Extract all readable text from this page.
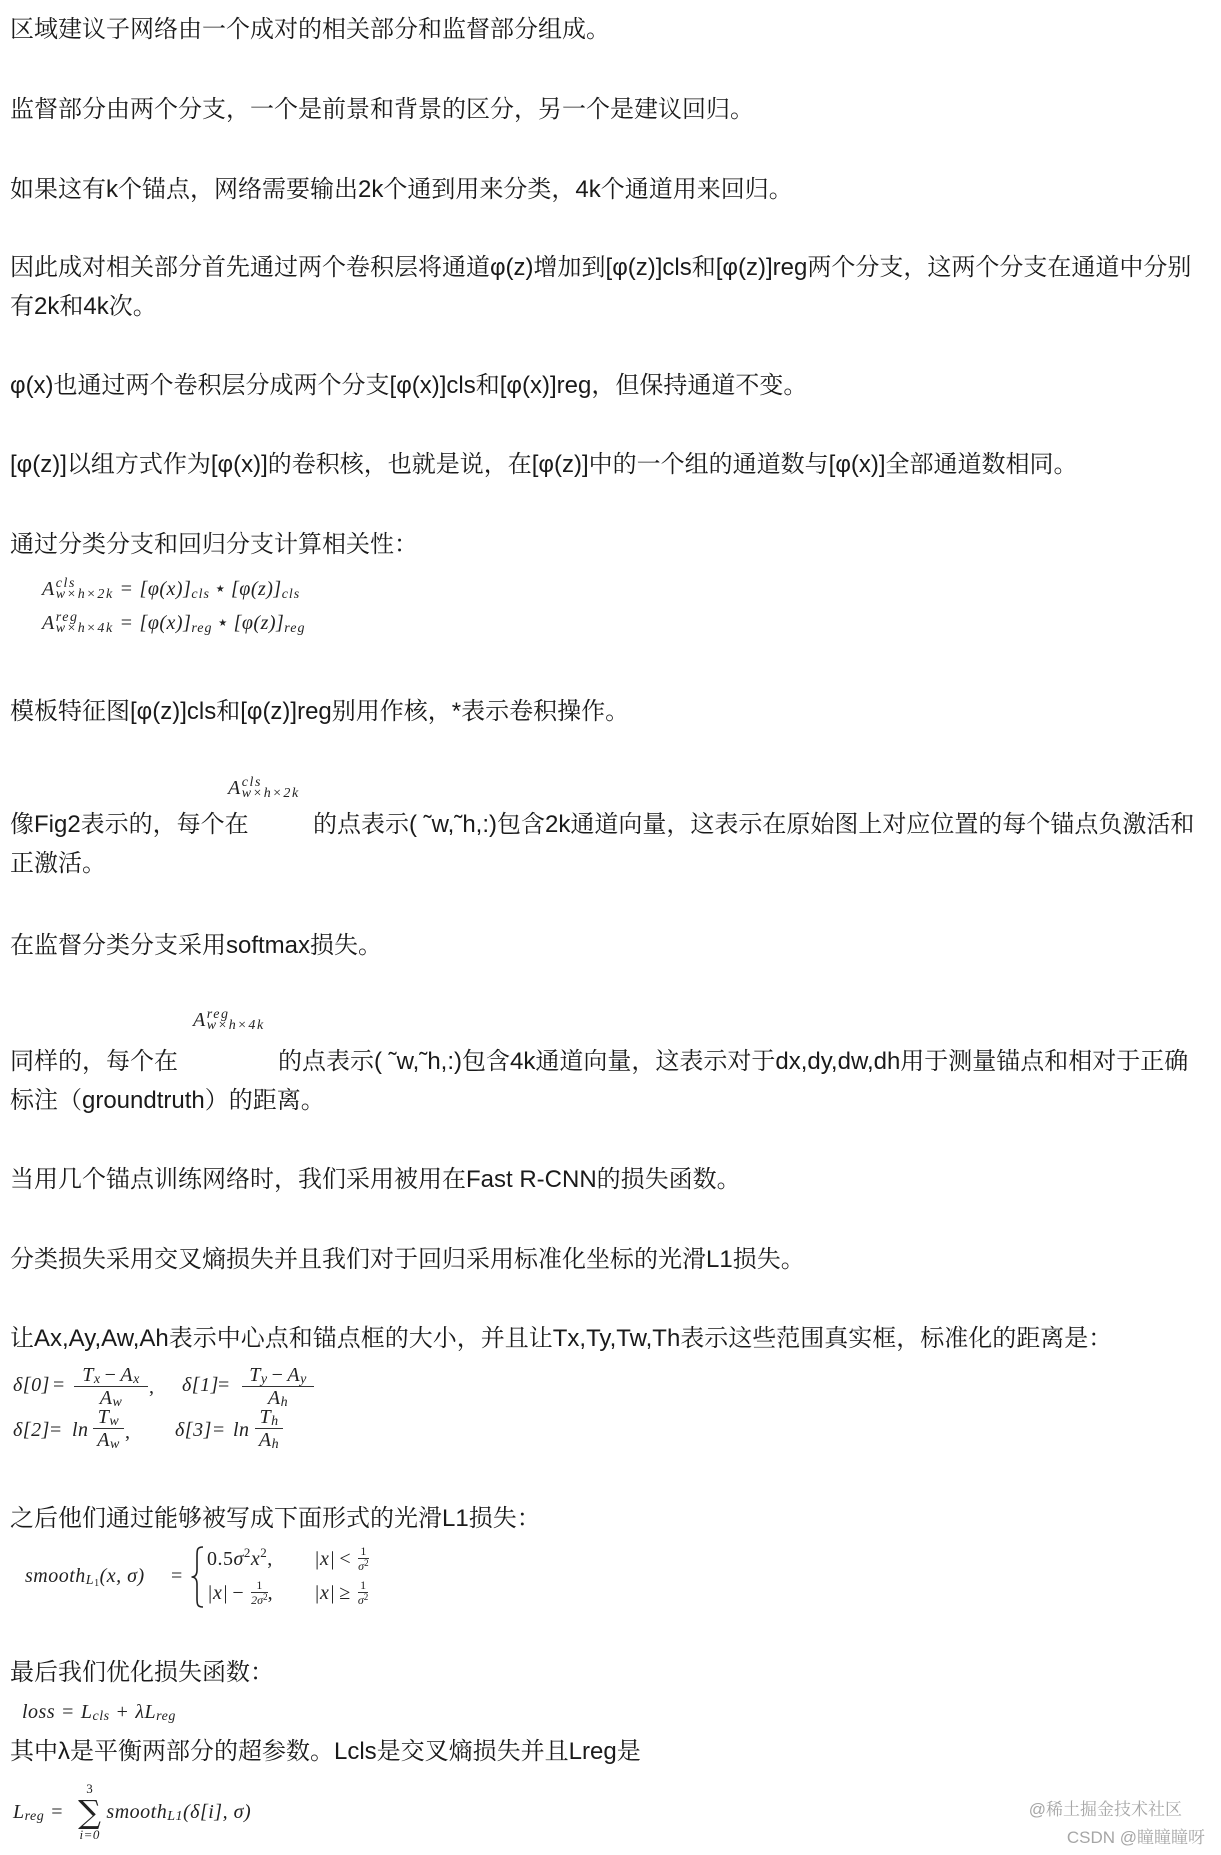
区域建议子网络由一个成对的相关部分和监督部分组成。
监督部分由两个分支，一个是前景和背景的区分，另一个是建议回归。
如果这有k个锚点，网络需要输出2k个通到用来分类，4k个通道用来回归。
因此成对相关部分首先通过两个卷积层将通道φ(z)增加到[φ(z)]cls和[φ(z)]reg两个分支，这两个分支在通道中分别
有2k和4k次。
φ(x)也通过两个卷积层分成两个分支[φ(x)]cls和[φ(x)]reg，但保持通道不变。
[φ(z)]以组方式作为[φ(x)]的卷积核，也就是说，在[φ(z)]中的一个组的通道数与[φ(x)]全部通道数相同。
通过分类分支和回归分支计算相关性：
A cls
w×h×2k = [φ(x)] cls ⋆ [φ(z)] cls
A reg
w×h×4k = [φ(x)] reg ⋆ [φ(z)] reg
模板特征图[φ(z)]cls和[φ(z)]reg别用作核，*表示卷积操作。
A cls
w×h×2k
像Fig2表示的，每个在	的点表示( ˜w,˜h,:)包含2k通道向量，这表示在原始图上对应位置的每个锚点负激活和
正激活。
在监督分类分支采用softmax损失。
A reg
w×h×4k
同样的，每个在	的点表示( ˜w,˜h,:)包含4k通道向量，这表示对于dx,dy,dw,dh用于测量锚点和相对于正确
标注（groundtruth）的距离。
当用几个锚点训练网络时，我们采用被用在Fast R-CNN的损失函数。
分类损失采用交叉熵损失并且我们对于回归采用标准化坐标的光滑L1损失。
让Ax,Ay,Aw,Ah表示中心点和锚点框的大小，并且让Tx,Ty,Tw,Th表示这些范围真实框，标准化的距离是：
δ[0] = T x − A x
A w
, δ[1] = T y − A y
A h
δ[2] = ln
T w
A w
, δ[3] = ln
T h
A h
之后他们通过能够被写成下面形式的光滑L1损失：
smooth L 1 (x, σ) =
0.5 σ 2 x 2 , |x| < 1
$\sigma^2$
|x| − 1
$2\sigma^2$ , |x| ≥ 1
$\sigma^2$
最后我们优化损失函数：
loss = L cls + λ L reg
其中λ是平衡两部分的超参数。Lcls是交叉熵损失并且Lreg是
L reg =
3
∑
i=0
smooth L1 (δ[i], σ)	@稀土掘金技术社区
CSDN @瞳瞳瞳呀
